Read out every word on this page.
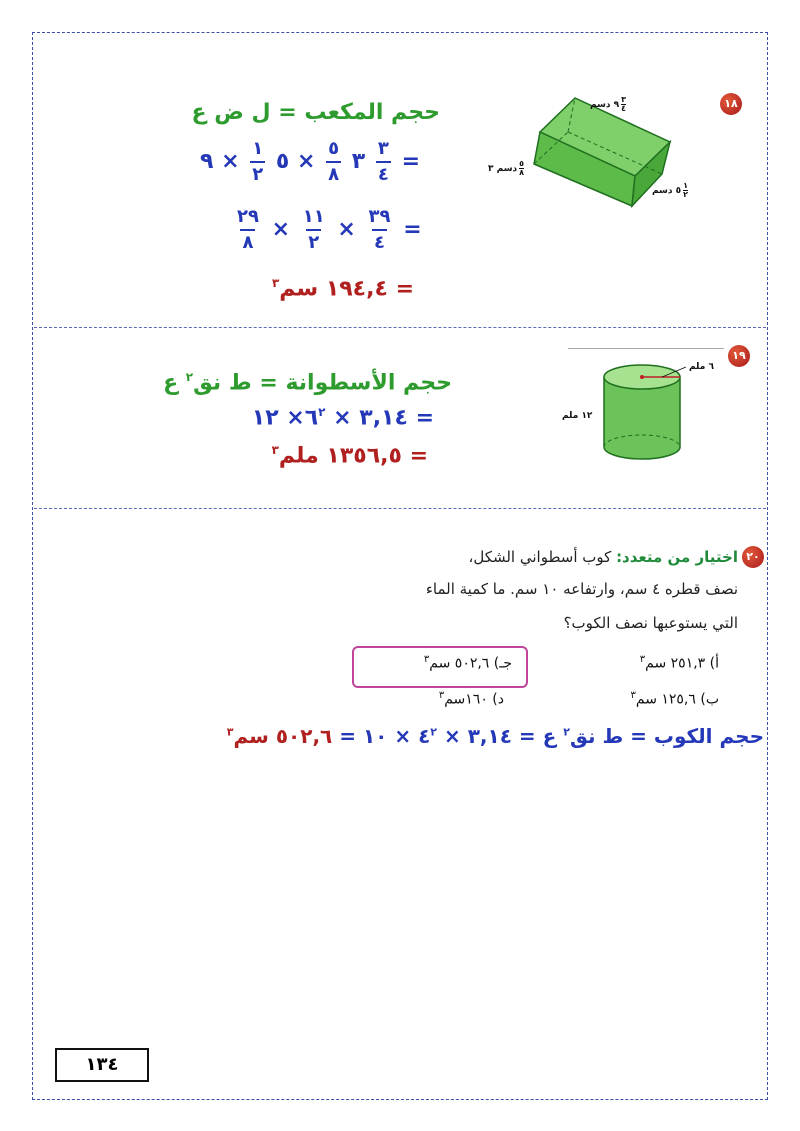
١٨
$\frac{٣}{٤}$
٩ دسم
دسم ٣ $\frac{٥}{٨}$
٥ دسم $\frac{١}{٢}$
حجم المكعب = ل ض ع
٣
$\frac{٥}{٨}$
× ٥
$\frac{١}{٢}$
× ٩	$\frac{٣}{٤}$ =
$\frac{٢٩}{٨} \times \frac{١١}{٢} \times \frac{٣٩}{٤}$ =
= ١٩٤,٤ سم$^٣$
١٩
٦ ملم
١٢ ملم
حجم الأسطوانة = ط نق$^٢$ ع
= ٣,١٤ × $٦^٢\times$ ١٢
= ١٣٥٦,٥ ملم$^٣$
٢٠
اختيار من متعدد: كوب أسطواني الشكل،
نصف قطره ٤ سم، وارتفاعه ١٠ سم. ما كمية الماء
التي يستوعبها نصف الكوب؟
أ) ٢٥١,٣ سم$^٣$
جـ) ٥٠٢,٦ سم$^٣$
ب) ١٢٥,٦ سم$^٣$
د) ١٦٠سم$^٣$
حجم الكوب = ط نق$^٢$ ع = ٣,١٤ × $٤^٢$ × ١٠ = ٥٠٢,٦ سم$^٣$
١٣٤
